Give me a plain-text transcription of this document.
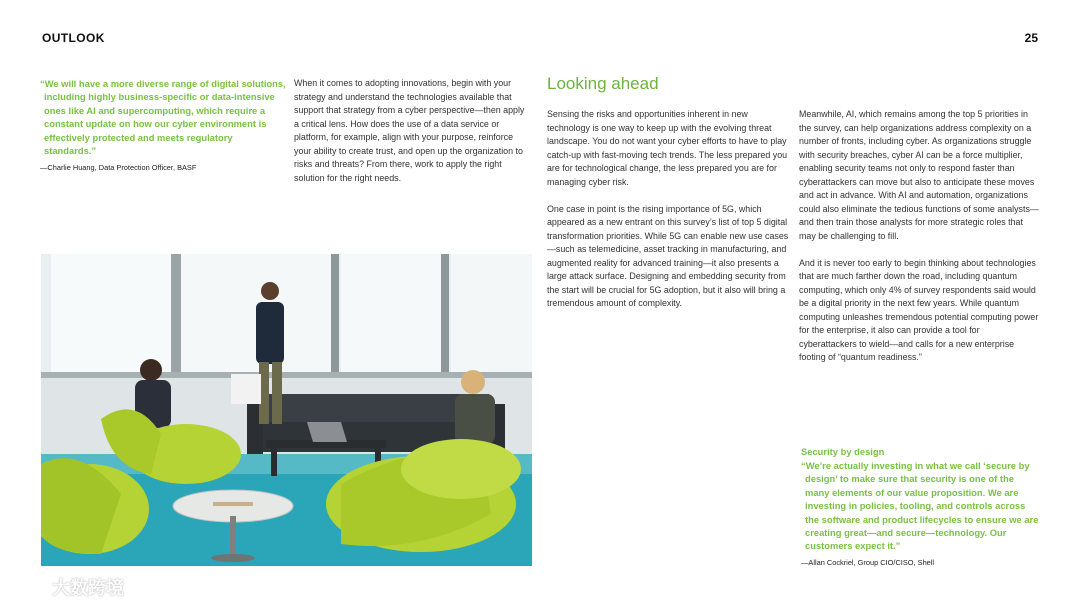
OUTLOOK	25

“We will have a more diverse range of digital solutions, including highly business-specific or data-intensive ones like AI and supercomputing, which require a constant update on how our cyber environment is effectively protected and meets regulatory standards.”

—Charlie Huang, Data Protection Officer, BASF

When it comes to adopting innovations, begin with your strategy and understand the technologies available that support that strategy from a cyber perspective—then apply a critical lens. How does the use of a data service or platform, for example, align with your purpose, reinforce your ability to create trust, and open up the organization to risks and threats? From there, work to apply the right solution for the right needs.

Looking ahead

Sensing the risks and opportunities inherent in new technology is one way to keep up with the evolving threat landscape. You do not want your cyber efforts to have to play catch-up with fast-moving tech trends. The less prepared you are for technological change, the less prepared you are for managing cyber risk.

One case in point is the rising importance of 5G, which appeared as a new entrant on this survey’s list of top 5 digital transformation priorities. While 5G can enable new use cases—such as telemedicine, asset tracking in manufacturing, and augmented reality for advanced training—it also presents a large attack surface. Designing and embedding security from the start will be crucial for 5G adoption, but it also will bring a tremendous amount of complexity.

Meanwhile, AI, which remains among the top 5 priorities in the survey, can help organizations address complexity on a number of fronts, including cyber. As organizations struggle with security breaches, cyber AI can be a force multiplier, enabling security teams not only to respond faster than cyberattackers can move but also to anticipate these moves and act in advance. With AI and automation, organizations could also eliminate the tedious functions of some analysts—and then train those analysts for more strategic roles that may be challenging to fill.

And it is never too early to begin thinking about technologies that are much farther down the road, including quantum computing, which only 4% of survey respondents said would be a digital priority in the next few years. While quantum computing unleashes tremendous potential computing power for the enterprise, it also can provide a tool for cyberattackers to wield—and calls for a new enterprise footing of “quantum readiness.”

Security by design

“We’re actually investing in what we call ‘secure by design’ to make sure that security is one of the many elements of our value proposition. We are investing in policies, tooling, and controls across the software and product lifecycles to ensure we are creating great—and secure—technology. Our customers expect it.”

—Allan Cockriel, Group CIO/CISO, Shell

大数跨境
